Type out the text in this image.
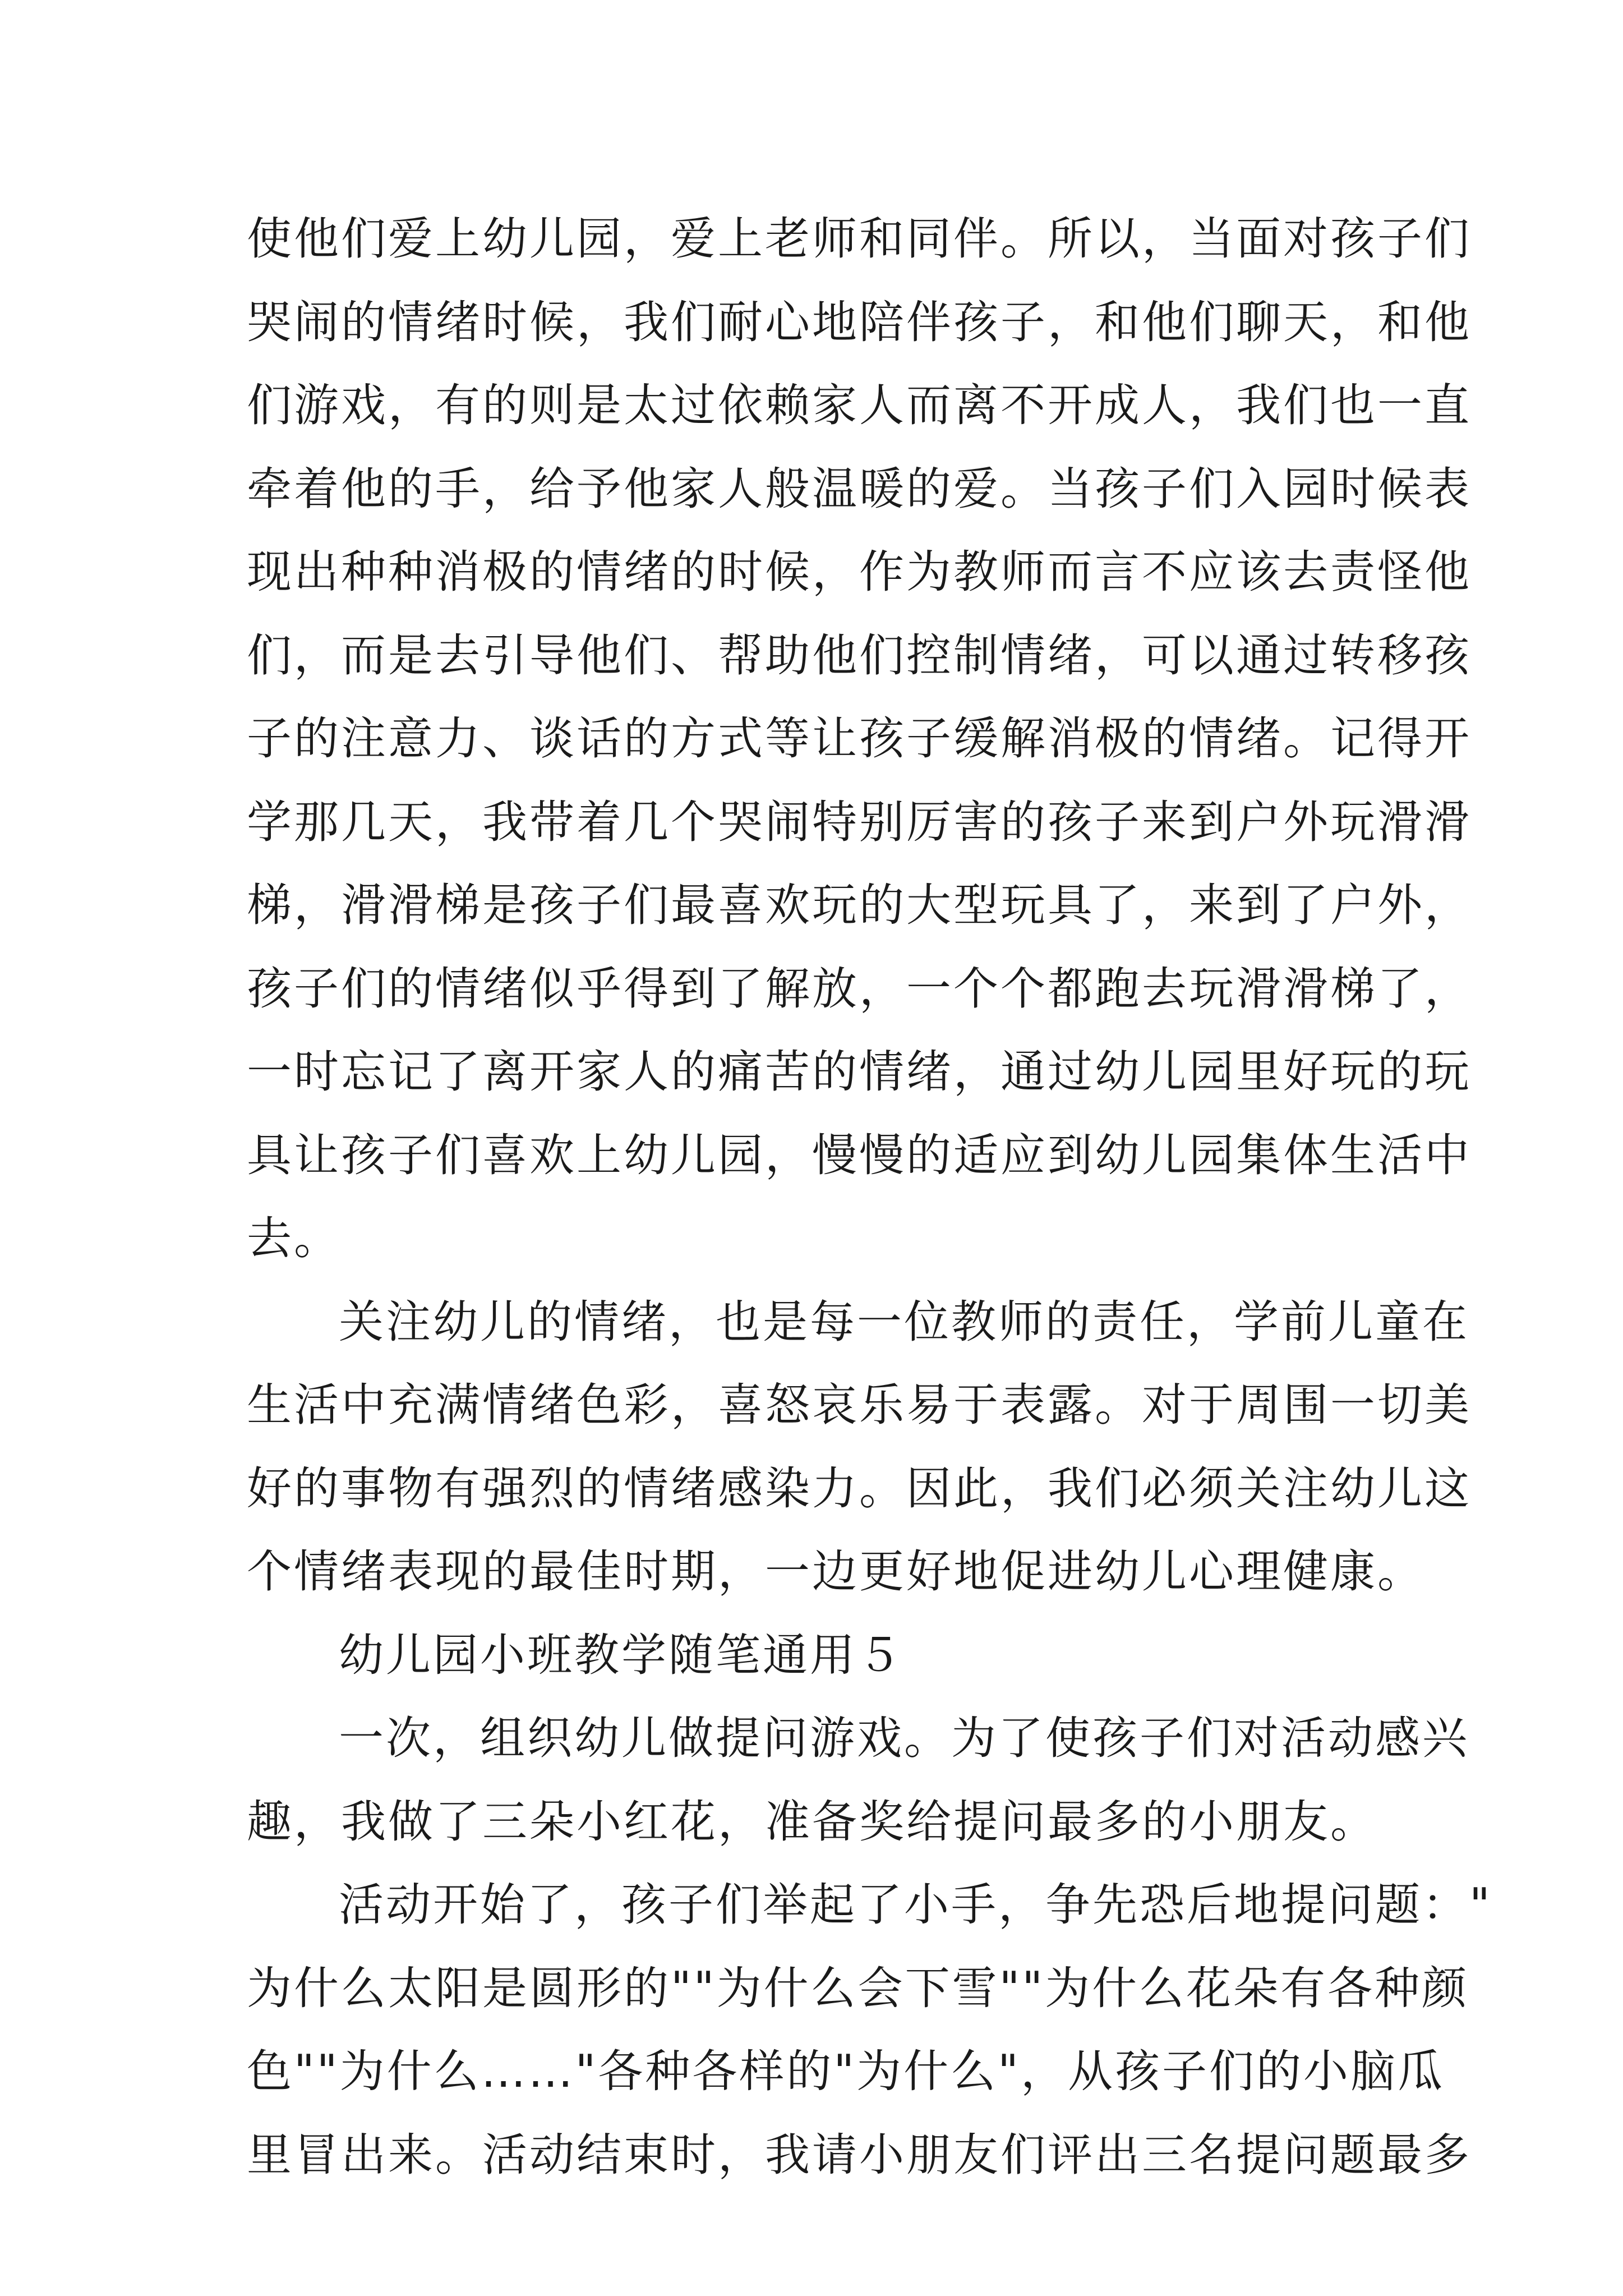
使他们爱上幼儿园，爱上老师和同伴。所以，当面对孩子们
哭闹的情绪时候，我们耐心地陪伴孩子，和他们聊天，和他
们游戏，有的则是太过依赖家人而离不开成人，我们也一直
牵着他的手，给予他家人般温暖的爱。当孩子们入园时候表
现出种种消极的情绪的时候，作为教师而言不应该去责怪他
们，而是去引导他们、帮助他们控制情绪，可以通过转移孩
子的注意力、谈话的方式等让孩子缓解消极的情绪。记得开
学那几天，我带着几个哭闹特别厉害的孩子来到户外玩滑滑
梯，滑滑梯是孩子们最喜欢玩的大型玩具了，来到了户外，
孩子们的情绪似乎得到了解放，一个个都跑去玩滑滑梯了，
一时忘记了离开家人的痛苦的情绪，通过幼儿园里好玩的玩
具让孩子们喜欢上幼儿园，慢慢的适应到幼儿园集体生活中
去。

关注幼儿的情绪，也是每一位教师的责任，学前儿童在
生活中充满情绪色彩，喜怒哀乐易于表露。对于周围一切美
好的事物有强烈的情绪感染力。因此，我们必须关注幼儿这
个情绪表现的最佳时期，一边更好地促进幼儿心理健康。

幼儿园小班教学随笔通用５

一次，组织幼儿做提问游戏。为了使孩子们对活动感兴
趣，我做了三朵小红花，准备奖给提问最多的小朋友。

活动开始了，孩子们举起了小手，争先恐后地提问题："
为什么太阳是圆形的""为什么会下雪""为什么花朵有各种颜
色""为什么……"各种各样的"为什么"，从孩子们的小脑瓜
里冒出来。活动结束时，我请小朋友们评出三名提问题最多
